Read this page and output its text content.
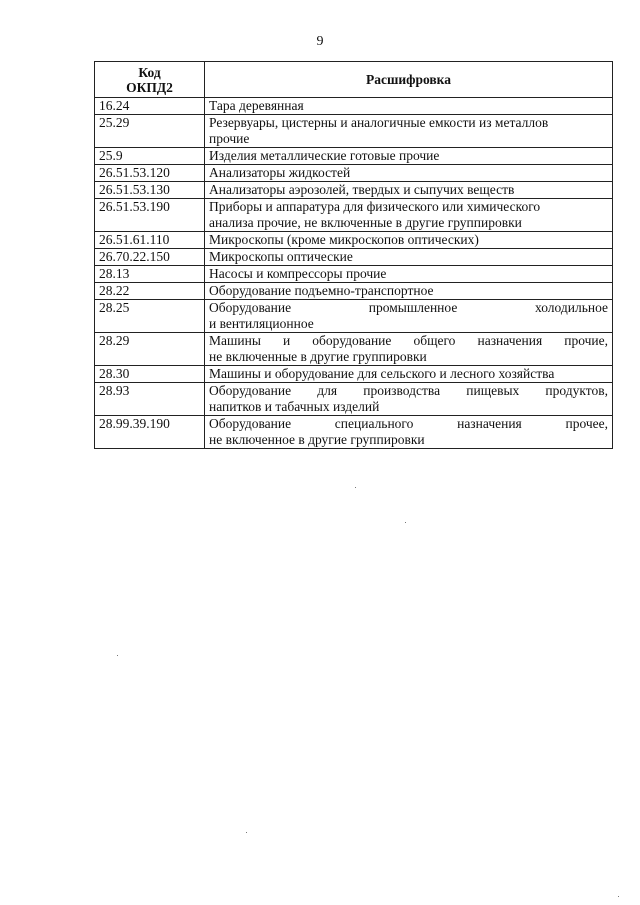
9
Код
ОКПД2	Расшифровка
16.24	Тара деревянная

25.29	Резервуары, цистерны и аналогичные емкости из металлов
прочие

25.9	Изделия металлические готовые прочие

26.51.53.120	Анализаторы жидкостей

26.51.53.130	Анализаторы аэрозолей, твердых и сыпучих веществ

26.51.53.190	Приборы и аппаратура для физического или химического
анализа прочие, не включенные в другие группировки

26.51.61.110	Микроскопы (кроме микроскопов оптических)

26.70.22.150	Микроскопы оптические

28.13	Насосы и компрессоры прочие

28.22	Оборудование подъемно-транспортное

28.25	Оборудование промышленное холодильное
и вентиляционное

28.29	Машины и оборудование общего назначения прочие,
не включенные в другие группировки

28.30	Машины и оборудование для сельского и лесного хозяйства

28.93	Оборудование для производства пищевых продуктов,
напитков и табачных изделий

28.99.39.190	Оборудование специального назначения прочее,
не включенное в другие группировки
